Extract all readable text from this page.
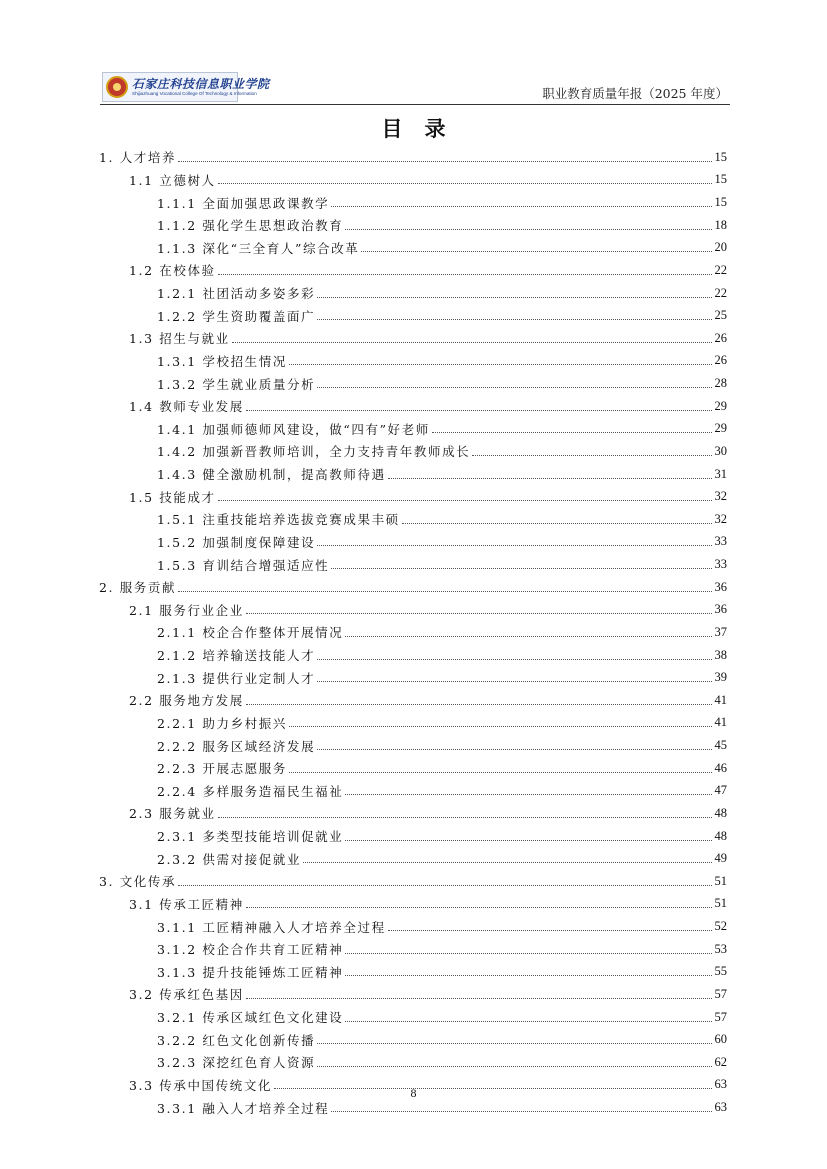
石家庄科技信息职业学院
Shijiazhuang Vocational College Of Technology & Information	职业教育质量年报（2025 年度）
目录
1. 人才培养	15
1.1 立德树人	15
1.1.1 全面加强思政课教学	15
1.1.2 强化学生思想政治教育	18
1.1.3 深化“三全育人”综合改革	20
1.2 在校体验	22
1.2.1 社团活动多姿多彩	22
1.2.2 学生资助覆盖面广	25
1.3 招生与就业	26
1.3.1 学校招生情况	26
1.3.2 学生就业质量分析	28
1.4 教师专业发展	29
1.4.1 加强师德师风建设，做“四有”好老师	29
1.4.2 加强新晋教师培训，全力支持青年教师成长	30
1.4.3 健全激励机制，提高教师待遇	31
1.5 技能成才	32
1.5.1 注重技能培养选拔竞赛成果丰硕	32
1.5.2 加强制度保障建设	33
1.5.3 育训结合增强适应性	33
2. 服务贡献	36
2.1 服务行业企业	36
2.1.1 校企合作整体开展情况	37
2.1.2 培养输送技能人才	38
2.1.3 提供行业定制人才	39
2.2 服务地方发展	41
2.2.1 助力乡村振兴	41
2.2.2 服务区域经济发展	45
2.2.3 开展志愿服务	46
2.2.4 多样服务造福民生福祉	47
2.3 服务就业	48
2.3.1 多类型技能培训促就业	48
2.3.2 供需对接促就业	49
3. 文化传承	51
3.1 传承工匠精神	51
3.1.1 工匠精神融入人才培养全过程	52
3.1.2 校企合作共育工匠精神	53
3.1.3 提升技能锤炼工匠精神	55
3.2 传承红色基因	57
3.2.1 传承区域红色文化建设	57
3.2.2 红色文化创新传播	60
3.2.3 深挖红色育人资源	62
3.3 传承中国传统文化	63
3.3.1 融入人才培养全过程	63
8
